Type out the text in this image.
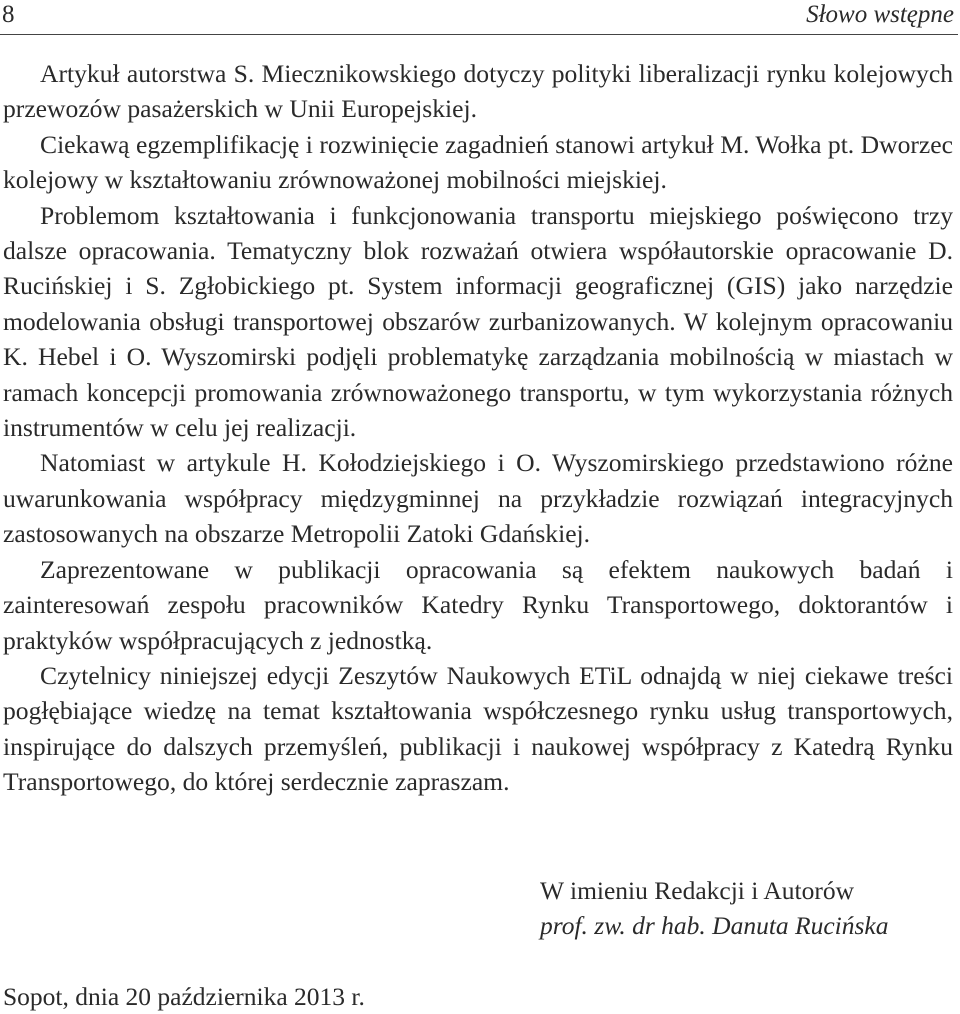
8	Słowo wstępne

Artykuł autorstwa S. Miecznikowskiego dotyczy polityki liberalizacji rynku kolejowych przewozów pasażerskich w Unii Europejskiej.

Ciekawą egzemplifikację i rozwinięcie zagadnień stanowi artykuł M. Wołka pt. Dworzec kolejowy w kształtowaniu zrównoważonej mobilności miejskiej.

Problemom kształtowania i funkcjonowania transportu miejskiego poświęcono trzy dalsze opracowania. Tematyczny blok rozważań otwiera współautorskie opracowanie D. Rucińskiej i S. Zgłobickiego pt. System informacji geograficznej (GIS) jako narzędzie modelowania obsługi transportowej obszarów zurbanizowanych. W kolejnym opracowaniu K. Hebel i O. Wyszomirski podjęli problematykę zarządzania mobilnością w miastach w ramach koncepcji promowania zrównoważonego transportu, w tym wykorzystania różnych instrumentów w celu jej realizacji.

Natomiast w artykule H. Kołodziejskiego i O. Wyszomirskiego przedstawiono różne uwarunkowania współpracy międzygminnej na przykładzie rozwiązań integracyjnych zastosowanych na obszarze Metropolii Zatoki Gdańskiej.

Zaprezentowane w publikacji opracowania są efektem naukowych badań i zainteresowań zespołu pracowników Katedry Rynku Transportowego, doktorantów i praktyków współpracujących z jednostką.

Czytelnicy niniejszej edycji Zeszytów Naukowych ETiL odnajdą w niej ciekawe treści pogłębiające wiedzę na temat kształtowania współczesnego rynku usług transportowych, inspirujące do dalszych przemyśleń, publikacji i naukowej współpracy z Katedrą Rynku Transportowego, do której serdecznie zapraszam.

W imieniu Redakcji i Autorów
prof. zw. dr hab. Danuta Rucińska
Sopot, dnia 20 października 2013 r.
